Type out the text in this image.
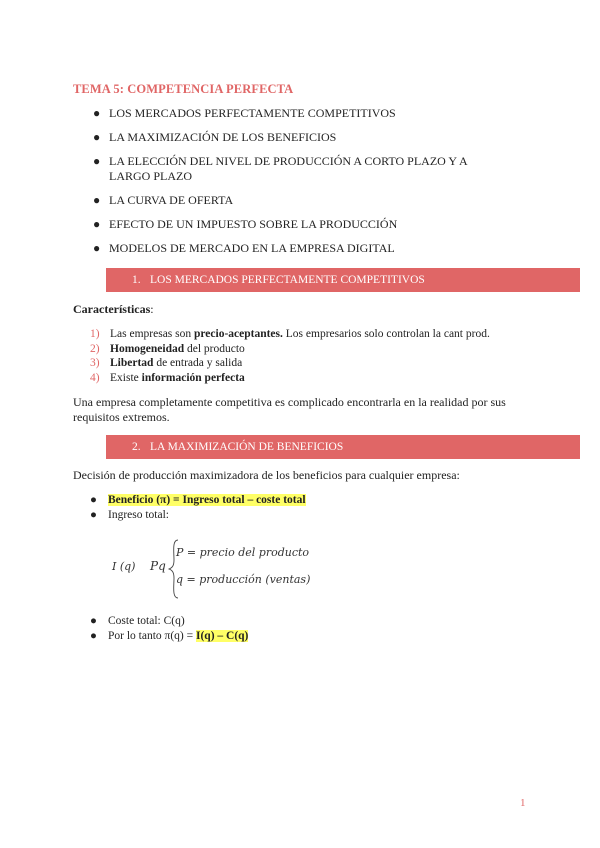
TEMA 5: COMPETENCIA PERFECTA
● LOS MERCADOS PERFECTAMENTE COMPETITIVOS
● LA MAXIMIZACIÓN DE LOS BENEFICIOS
● LA ELECCIÓN DEL NIVEL DE PRODUCCIÓN A CORTO PLAZO Y A LARGO PLAZO
● LA CURVA DE OFERTA
● EFECTO DE UN IMPUESTO SOBRE LA PRODUCCIÓN
● MODELOS DE MERCADO EN LA EMPRESA DIGITAL
1. LOS MERCADOS PERFECTAMENTE COMPETITIVOS
Características:
1) Las empresas son precio-aceptantes. Los empresarios solo controlan la cant prod.
2) Homogeneidad del producto
3) Libertad de entrada y salida
4) Existe información perfecta
Una empresa completamente competitiva es complicado encontrarla en la realidad por sus requisitos extremos.
2. LA MAXIMIZACIÓN DE BENEFICIOS
Decisión de producción maximizadora de los beneficios para cualquier empresa:
● Beneficio (π) = Ingreso total – coste total
● Ingreso total:
I (q) Pq
P = precio del producto
q = producción (ventas)
● Coste total: C(q)
● Por lo tanto π(q) = I(q) – C(q)
1
